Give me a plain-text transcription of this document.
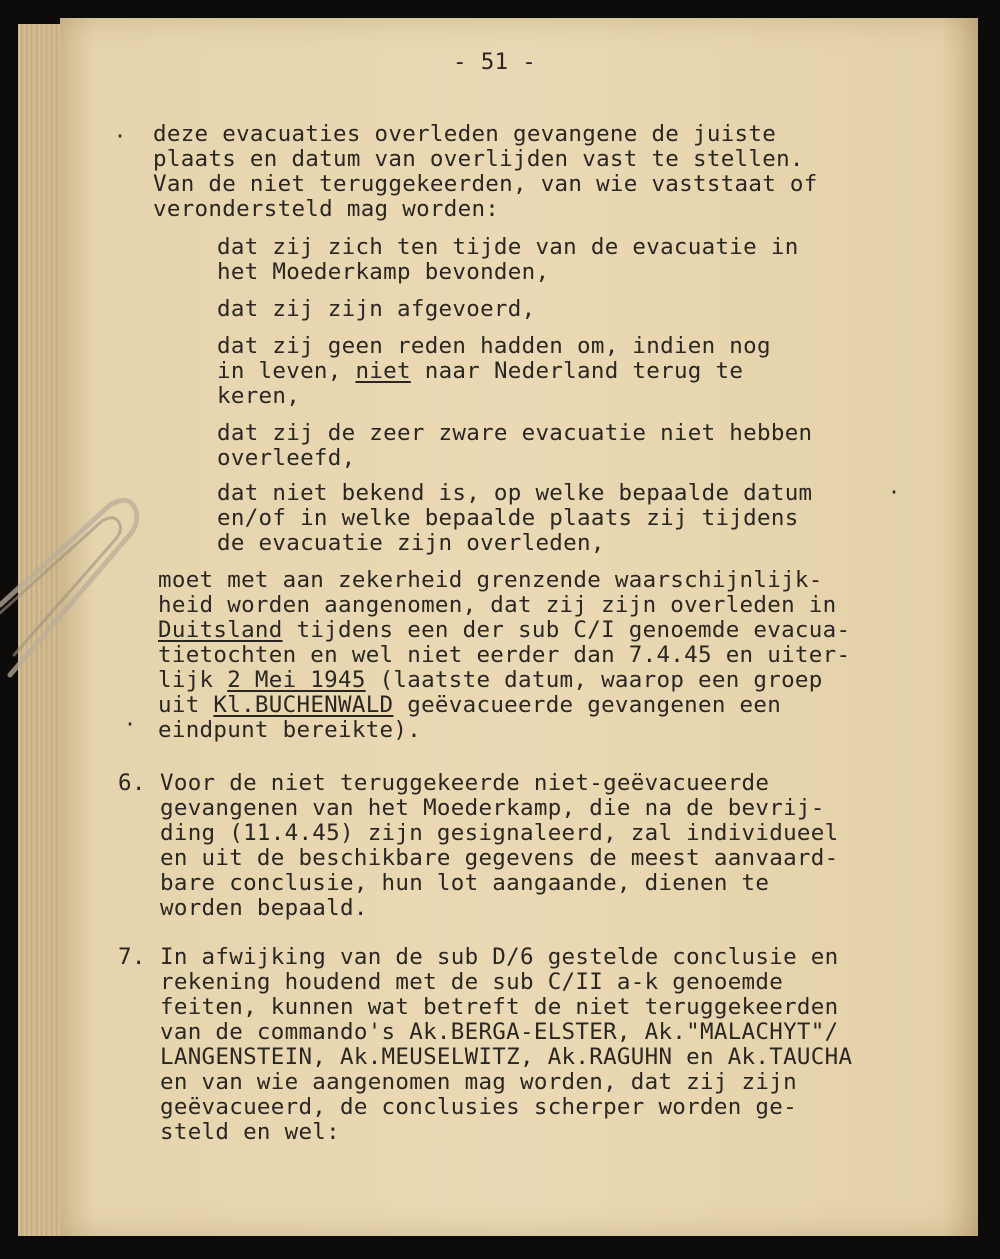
- 51 -
deze evacuaties overleden gevangene de juiste
plaats en datum van overlijden vast te stellen.
Van de niet teruggekeerden, van wie vaststaat of
verondersteld mag worden:
dat zij zich ten tijde van de evacuatie in
het Moederkamp bevonden,
dat zij zijn afgevoerd,
dat zij geen reden hadden om, indien nog
in leven, niet naar Nederland terug te
keren,
dat zij de zeer zware evacuatie niet hebben
overleefd,
dat niet bekend is, op welke bepaalde datum
en/of in welke bepaalde plaats zij tijdens
de evacuatie zijn overleden,
moet met aan zekerheid grenzende waarschijnlijk-
heid worden aangenomen, dat zij zijn overleden in
Duitsland tijdens een der sub C/I genoemde evacua-
tietochten en wel niet eerder dan 7.4.45 en uiter-
lijk 2 Mei 1945 (laatste datum, waarop een groep
uit Kl.BUCHENWALD geëvacueerde gevangenen een
eindpunt bereikte).
6. Voor de niet teruggekeerde niet-geëvacueerde
gevangenen van het Moederkamp, die na de bevrij-
ding (11.4.45) zijn gesignaleerd, zal individueel
en uit de beschikbare gegevens de meest aanvaard-
bare conclusie, hun lot aangaande, dienen te
worden bepaald.
7. In afwijking van de sub D/6 gestelde conclusie en
rekening houdend met de sub C/II a-k genoemde
feiten, kunnen wat betreft de niet teruggekeerden
van de commando's Ak.BERGA-ELSTER, Ak."MALACHYT"/
LANGENSTEIN, Ak.MEUSELWITZ, Ak.RAGUHN en Ak.TAUCHA
en van wie aangenomen mag worden, dat zij zijn
geëvacueerd, de conclusies scherper worden ge-
steld en wel:
·
·
·
